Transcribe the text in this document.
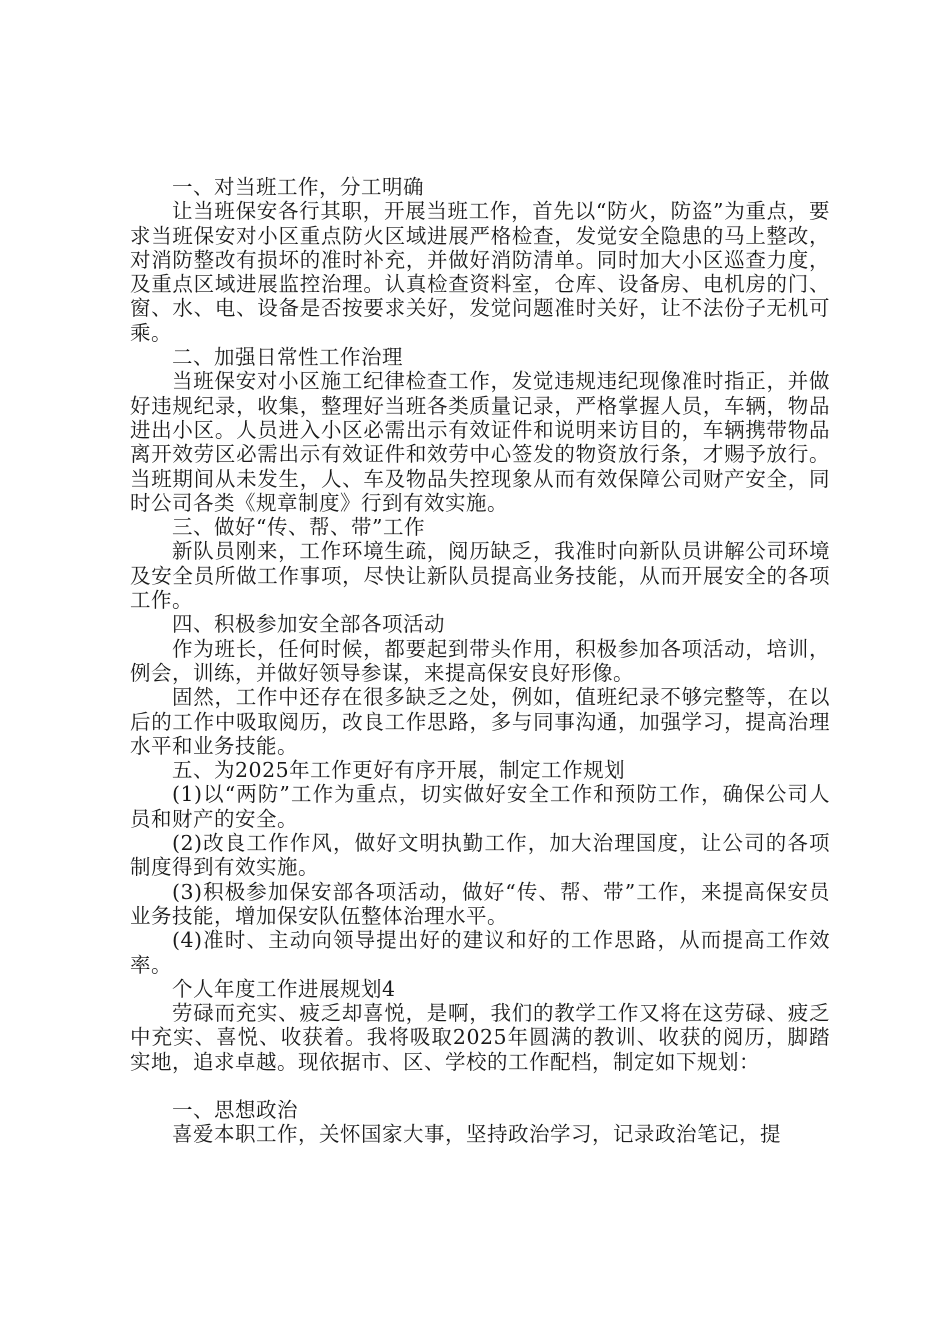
一、对当班工作，分工明确

让当班保安各行其职，开展当班工作，首先以“防火，防盗”为重点，要求当班保安对小区重点防火区域进展严格检查，发觉安全隐患的马上整改，对消防整改有损坏的准时补充，并做好消防清单。同时加大小区巡查力度，及重点区域进展监控治理。认真检查资料室，仓库、设备房、电机房的门、窗、水、电、设备是否按要求关好，发觉问题准时关好，让不法份子无机可乘。

二、加强日常性工作治理

当班保安对小区施工纪律检查工作，发觉违规违纪现像准时指正，并做好违规纪录，收集，整理好当班各类质量记录，严格掌握人员，车辆，物品进出小区。人员进入小区必需出示有效证件和说明来访目的，车辆携带物品离开效劳区必需出示有效证件和效劳中心签发的物资放行条，才赐予放行。当班期间从未发生，人、车及物品失控现象从而有效保障公司财产安全，同时公司各类《规章制度》行到有效实施。

三、做好“传、帮、带”工作

新队员刚来，工作环境生疏，阅历缺乏，我准时向新队员讲解公司环境及安全员所做工作事项，尽快让新队员提高业务技能，从而开展安全的各项工作。

四、积极参加安全部各项活动

作为班长，任何时候，都要起到带头作用，积极参加各项活动，培训，例会，训练，并做好领导参谋，来提高保安良好形像。

固然，工作中还存在很多缺乏之处，例如，值班纪录不够完整等，在以后的工作中吸取阅历，改良工作思路，多与同事沟通，加强学习，提高治理水平和业务技能。

五、为2025年工作更好有序开展，制定工作规划

(1)以“两防”工作为重点，切实做好安全工作和预防工作，确保公司人员和财产的安全。

(2)改良工作作风，做好文明执勤工作，加大治理国度，让公司的各项制度得到有效实施。

(3)积极参加保安部各项活动，做好“传、帮、带”工作，来提高保安员业务技能，增加保安队伍整体治理水平。

(4)准时、主动向领导提出好的建议和好的工作思路，从而提高工作效率。

个人年度工作进展规划4

劳碌而充实、疲乏却喜悦，是啊，我们的教学工作又将在这劳碌、疲乏中充实、喜悦、收获着。我将吸取2025年圆满的教训、收获的阅历，脚踏实地，追求卓越。现依据市、区、学校的工作配档，制定如下规划：

一、思想政治

喜爱本职工作，关怀国家大事，坚持政治学习，记录政治笔记，提
